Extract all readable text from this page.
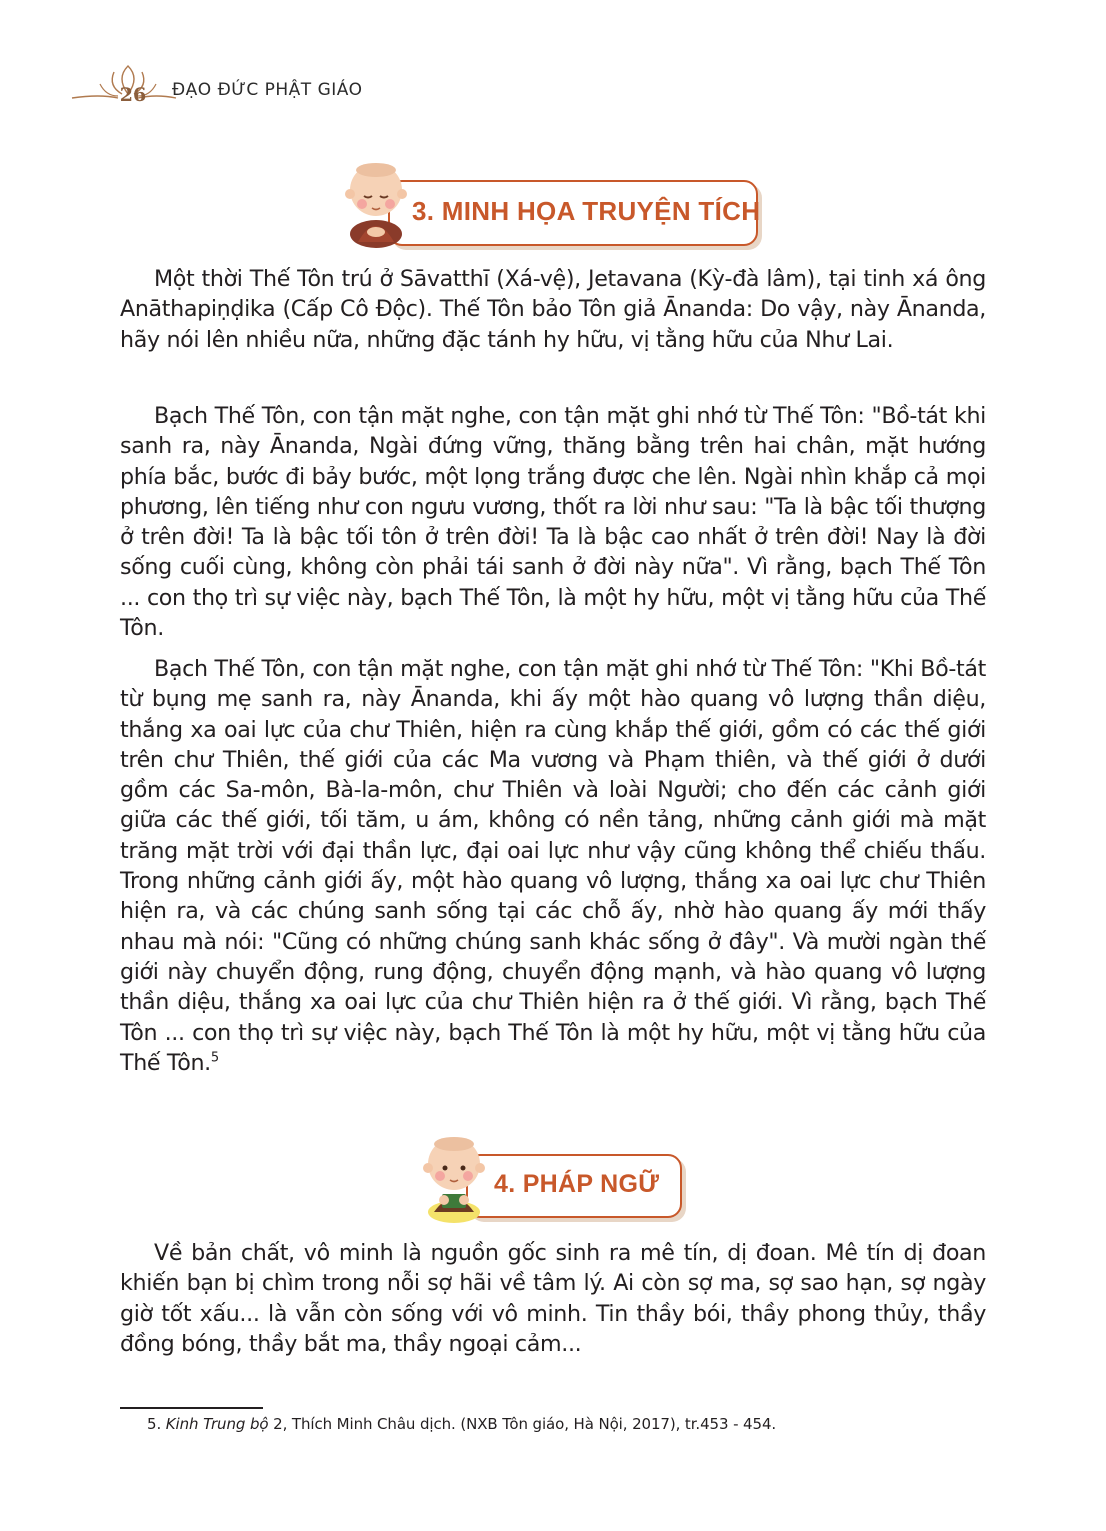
26	ĐẠO ĐỨC PHẬT GIÁO
3. MINH HỌA TRUYỆN TÍCH

Một thời Thế Tôn trú ở Sāvatthī (Xá-vệ), Jetavana (Kỳ-đà lâm), tại tinh xá ông Anāthapiṇḍika (Cấp Cô Độc). Thế Tôn bảo Tôn giả Ānanda: Do vậy, này Ānanda, hãy nói lên nhiều nữa, những đặc tánh hy hữu, vị tằng hữu của Như Lai.

Bạch Thế Tôn, con tận mặt nghe, con tận mặt ghi nhớ từ Thế Tôn: "Bồ-tát khi sanh ra, này Ānanda, Ngài đứng vững, thăng bằng trên hai chân, mặt hướng phía bắc, bước đi bảy bước, một lọng trắng được che lên. Ngài nhìn khắp cả mọi phương, lên tiếng như con ngưu vương, thốt ra lời như sau: "Ta là bậc tối thượng ở trên đời! Ta là bậc tối tôn ở trên đời! Ta là bậc cao nhất ở trên đời! Nay là đời sống cuối cùng, không còn phải tái sanh ở đời này nữa". Vì rằng, bạch Thế Tôn ... con thọ trì sự việc này, bạch Thế Tôn, là một hy hữu, một vị tằng hữu của Thế Tôn.

Bạch Thế Tôn, con tận mặt nghe, con tận mặt ghi nhớ từ Thế Tôn: "Khi Bồ-tát từ bụng mẹ sanh ra, này Ānanda, khi ấy một hào quang vô lượng thần diệu, thắng xa oai lực của chư Thiên, hiện ra cùng khắp thế giới, gồm có các thế giới trên chư Thiên, thế giới của các Ma vương và Phạm thiên, và thế giới ở dưới gồm các Sa-môn, Bà-la-môn, chư Thiên và loài Người; cho đến các cảnh giới giữa các thế giới, tối tăm, u ám, không có nền tảng, những cảnh giới mà mặt trăng mặt trời với đại thần lực, đại oai lực như vậy cũng không thể chiếu thấu. Trong những cảnh giới ấy, một hào quang vô lượng, thắng xa oai lực chư Thiên hiện ra, và các chúng sanh sống tại các chỗ ấy, nhờ hào quang ấy mới thấy nhau mà nói: "Cũng có những chúng sanh khác sống ở đây". Và mười ngàn thế giới này chuyển động, rung động, chuyển động mạnh, và hào quang vô lượng thần diệu, thắng xa oai lực của chư Thiên hiện ra ở thế giới. Vì rằng, bạch Thế Tôn ... con thọ trì sự việc này, bạch Thế Tôn là một hy hữu, một vị tằng hữu của Thế Tôn.$^5$

4. PHÁP NGỮ

Về bản chất, vô minh là nguồn gốc sinh ra mê tín, dị đoan. Mê tín dị đoan khiến bạn bị chìm trong nỗi sợ hãi về tâm lý. Ai còn sợ ma, sợ sao hạn, sợ ngày giờ tốt xấu... là vẫn còn sống với vô minh. Tin thầy bói, thầy phong thủy, thầy đồng bóng, thầy bắt ma, thầy ngoại cảm...

5. Kinh Trung bộ 2, Thích Minh Châu dịch. (NXB Tôn giáo, Hà Nội, 2017), tr.453 - 454.
